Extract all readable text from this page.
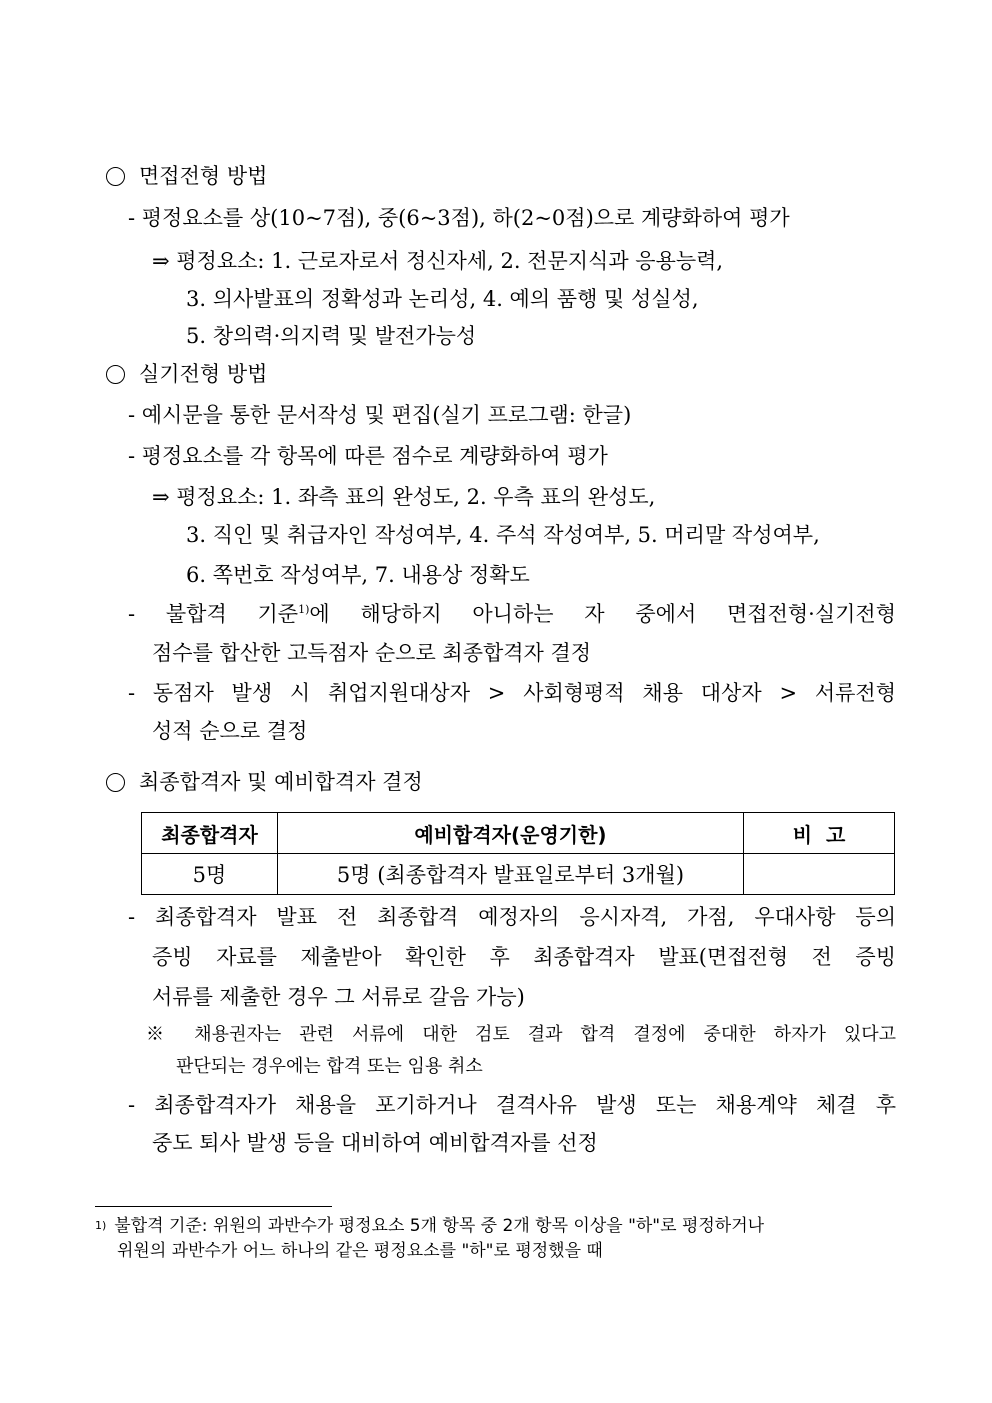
면접전형 방법
- 평정요소를 상(10~7점), 중(6~3점), 하(2~0점)으로 계량화하여 평가
⇒ 평정요소: 1. 근로자로서 정신자세, 2. 전문지식과 응용능력,
3. 의사발표의 정확성과 논리성, 4. 예의 품행 및 성실성,
5. 창의력·의지력 및 발전가능성
실기전형 방법
- 예시문을 통한 문서작성 및 편집(실기 프로그램: 한글)
- 평정요소를 각 항목에 따른 점수로 계량화하여 평가
⇒ 평정요소: 1. 좌측 표의 완성도, 2. 우측 표의 완성도,
3. 직인 및 취급자인 작성여부, 4. 주석 작성여부, 5. 머리말 작성여부,
6. 쪽번호 작성여부, 7. 내용상 정확도
- 불합격 기준$^{1)}$에 해당하지 아니하는 자 중에서 면접전형·실기전형
점수를 합산한 고득점자 순으로 최종합격자 결정
- 동점자 발생 시 취업지원대상자 > 사회형평적 채용 대상자 > 서류전형
성적 순으로 결정
최종합격자 및 예비합격자 결정
최종합격자	예비합격자(운영기한)	비  고
5명	5명 (최종합격자 발표일로부터 3개월)	
- 최종합격자 발표 전 최종합격 예정자의 응시자격, 가점, 우대사항 등의
증빙 자료를 제출받아 확인한 후 최종합격자 발표(면접전형 전 증빙
서류를 제출한 경우 그 서류로 갈음 가능)
※ 채용권자는 관련 서류에 대한 검토 결과 합격 결정에 중대한 하자가 있다고
판단되는 경우에는 합격 또는 임용 취소
- 최종합격자가 채용을 포기하거나 결격사유 발생 또는 채용계약 체결 후
중도 퇴사 발생 등을 대비하여 예비합격자를 선정
1) 불합격 기준: 위원의 과반수가 평정요소 5개 항목 중 2개 항목 이상을 "하"로 평정하거나
위원의 과반수가 어느 하나의 같은 평정요소를 "하"로 평정했을 때
